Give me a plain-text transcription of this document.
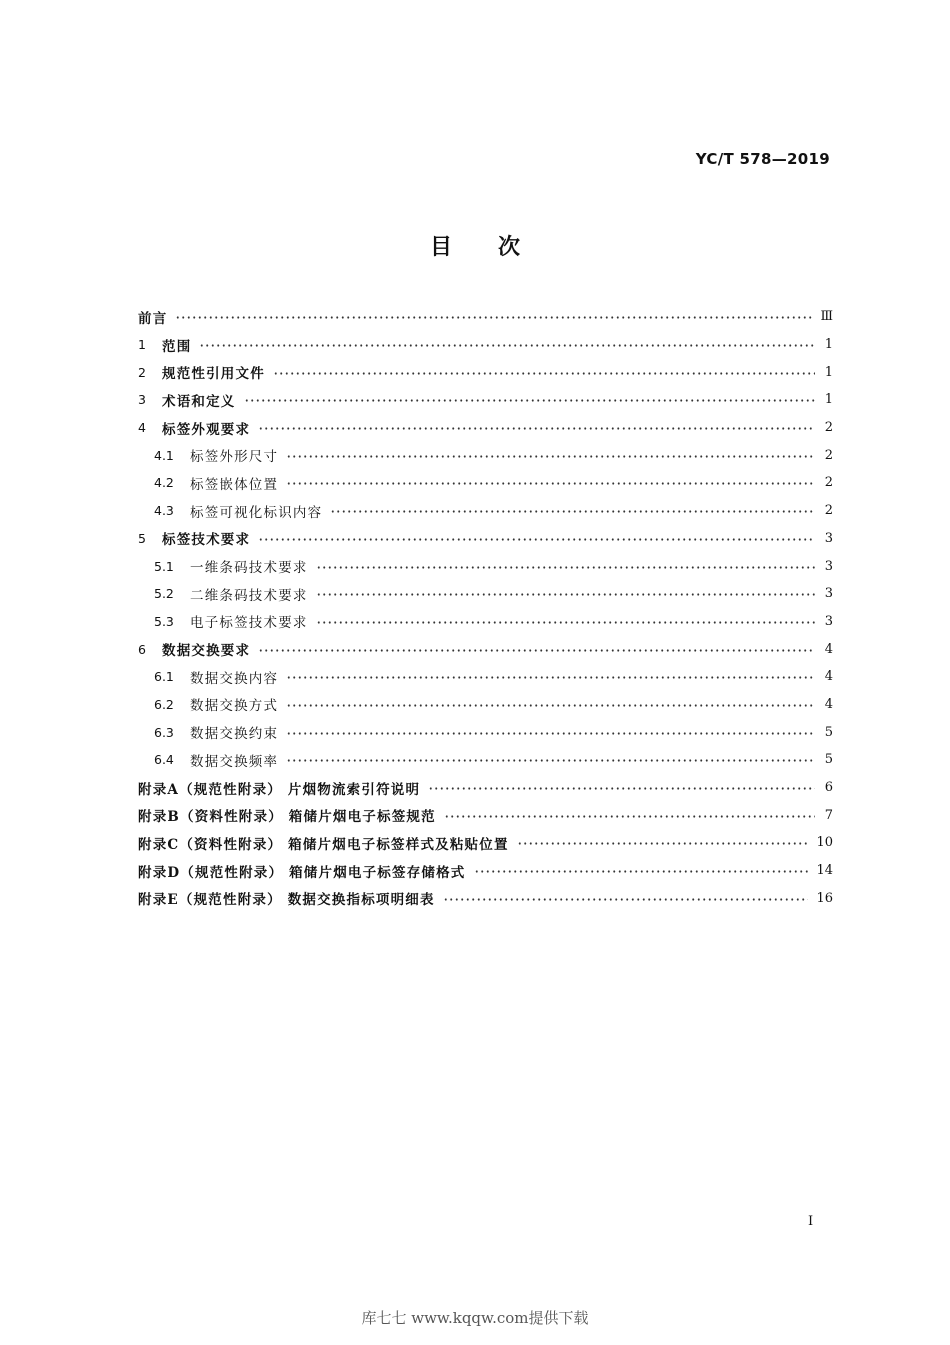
YC/T 578—2019
目次
前言	Ⅲ
1	范围	1
2	规范性引用文件	1
3	术语和定义	1
4	标签外观要求	2
4.1	标签外形尺寸	2
4.2	标签嵌体位置	2
4.3	标签可视化标识内容	2
5	标签技术要求	3
5.1	一维条码技术要求	3
5.2	二维条码技术要求	3
5.3	电子标签技术要求	3
6	数据交换要求	4
6.1	数据交换内容	4
6.2	数据交换方式	4
6.3	数据交换约束	5
6.4	数据交换频率	5
附录A（规范性附录） 片烟物流索引符说明	6
附录B（资料性附录） 箱储片烟电子标签规范	7
附录C（资料性附录） 箱储片烟电子标签样式及粘贴位置	10
附录D（规范性附录） 箱储片烟电子标签存储格式	14
附录E（规范性附录） 数据交换指标项明细表	16
I
库七七 www.kqqw.com提供下载
